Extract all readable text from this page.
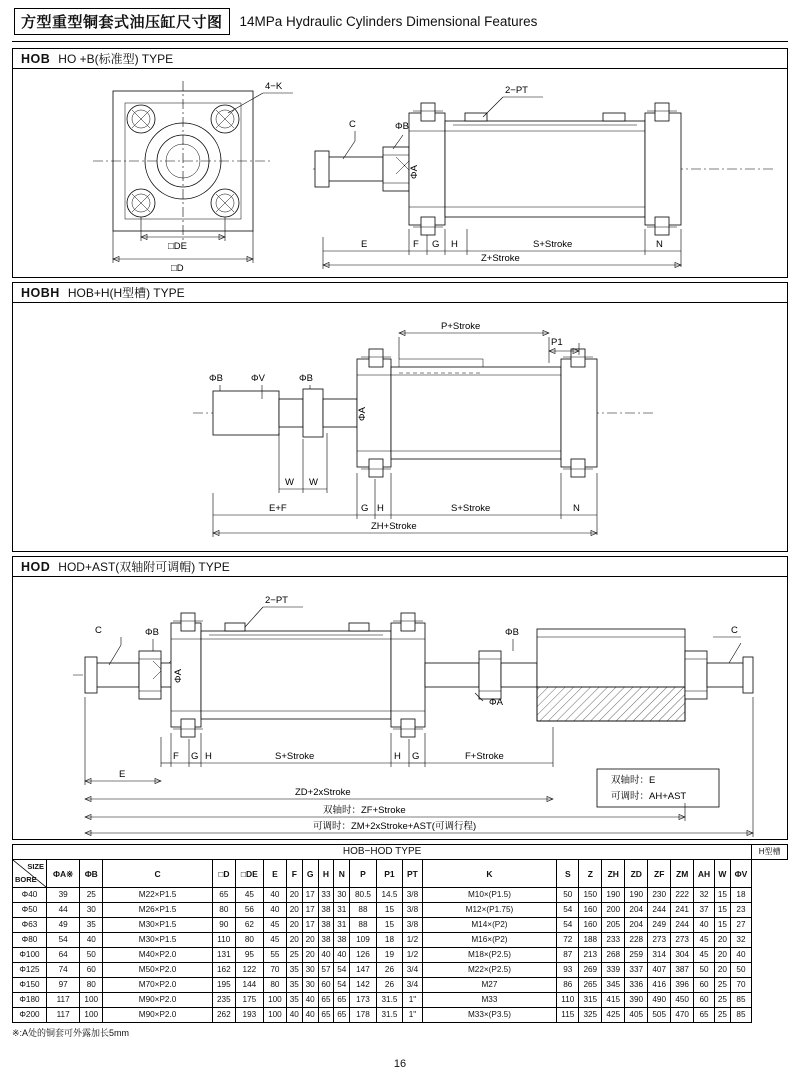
方型重型铜套式油压缸尺寸图	14MPa Hydraulic Cylinders Dimensional Features
HOB HO +B(标准型) TYPE
4−K
□DE
□D
2−PT
C	ΦB
ΦA
E	F G H	S+Stroke	N
Z+Stroke
HOBH HOB+H(H型槽) TYPE
P+Stroke
P1
ΦB	ΦV	ΦB
ΦA
W W
E+F	G H	S+Stroke	N
ZH+Stroke
HOD HOD+AST(双轴附可调帽) TYPE
2−PT
C	ΦB
ΦA
ΦB	C
ΦA
F G H	S+Stroke	H G	F+Stroke
E
ZD+2xStroke
双轴时：ZF+Stroke
可调时：ZM+2xStroke+AST(可调行程)
双轴时：E
可调时：AH+AST
HOB−HOD TYPE																								H型槽

SIZE
BORE	ΦA※	ΦB	C	□D	□DE	E	F	G	H	N	P	P1	PT	K	S	Z	ZH	ZD	ZF	ZM	AH	W	ΦV	
Φ40	39	25	M22×P1.5	65	45	40	20	17	33	30	80.5	14.5	3/8	M10×(P1.5)	50	150	190	190	230	222	32	15	18	
Φ50	44	30	M26×P1.5	80	56	40	20	17	38	31	88	15	3/8	M12×(P1.75)	54	160	200	204	244	241	37	15	23	
Φ63	49	35	M30×P1.5	90	62	45	20	17	38	31	88	15	3/8	M14×(P2)	54	160	205	204	249	244	40	15	27	
Φ80	54	40	M30×P1.5	110	80	45	20	20	38	38	109	18	1/2	M16×(P2)	72	188	233	228	273	273	45	20	32	
Φ100	64	50	M40×P2.0	131	95	55	25	20	40	40	126	19	1/2	M18×(P2.5)	87	213	268	259	314	304	45	20	40	
Φ125	74	60	M50×P2.0	162	122	70	35	30	57	54	147	26	3/4	M22×(P2.5)	93	269	339	337	407	387	50	20	50	
Φ150	97	80	M70×P2.0	195	144	80	35	30	60	54	142	26	3/4	M27	86	265	345	336	416	396	60	25	70	
Φ180	117	100	M90×P2.0	235	175	100	35	40	65	65	173	31.5	1"	M33	110	315	415	390	490	450	60	25	85	
Φ200	117	100	M90×P2.0	262	193	100	40	40	65	65	178	31.5	1"	M33×(P3.5)	115	325	425	405	505	470	65	25	85	
※:A处的铜套可外露加长5mm
16
